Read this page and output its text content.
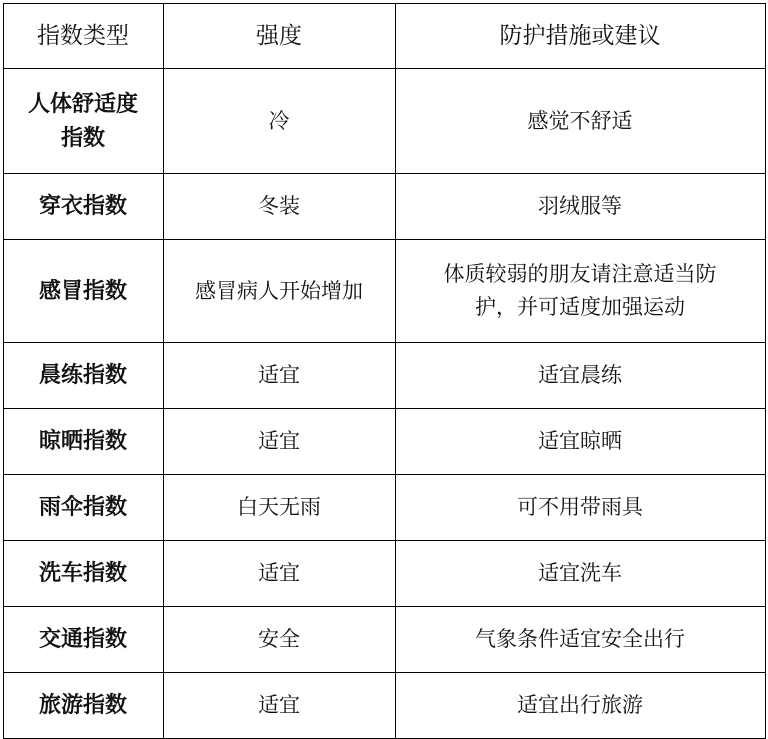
指数类型	强度	防护措施或建议

人体舒适度
指数	冷	感觉不舒适
穿衣指数	冬装	羽绒服等
感冒指数	感冒病人开始增加	体质较弱的朋友请注意适当防
护，并可适度加强运动

晨练指数	适宜	适宜晨练
晾晒指数	适宜	适宜晾晒
雨伞指数	白天无雨	可不用带雨具
洗车指数	适宜	适宜洗车
交通指数	安全	气象条件适宜安全出行
旅游指数	适宜	适宜出行旅游
